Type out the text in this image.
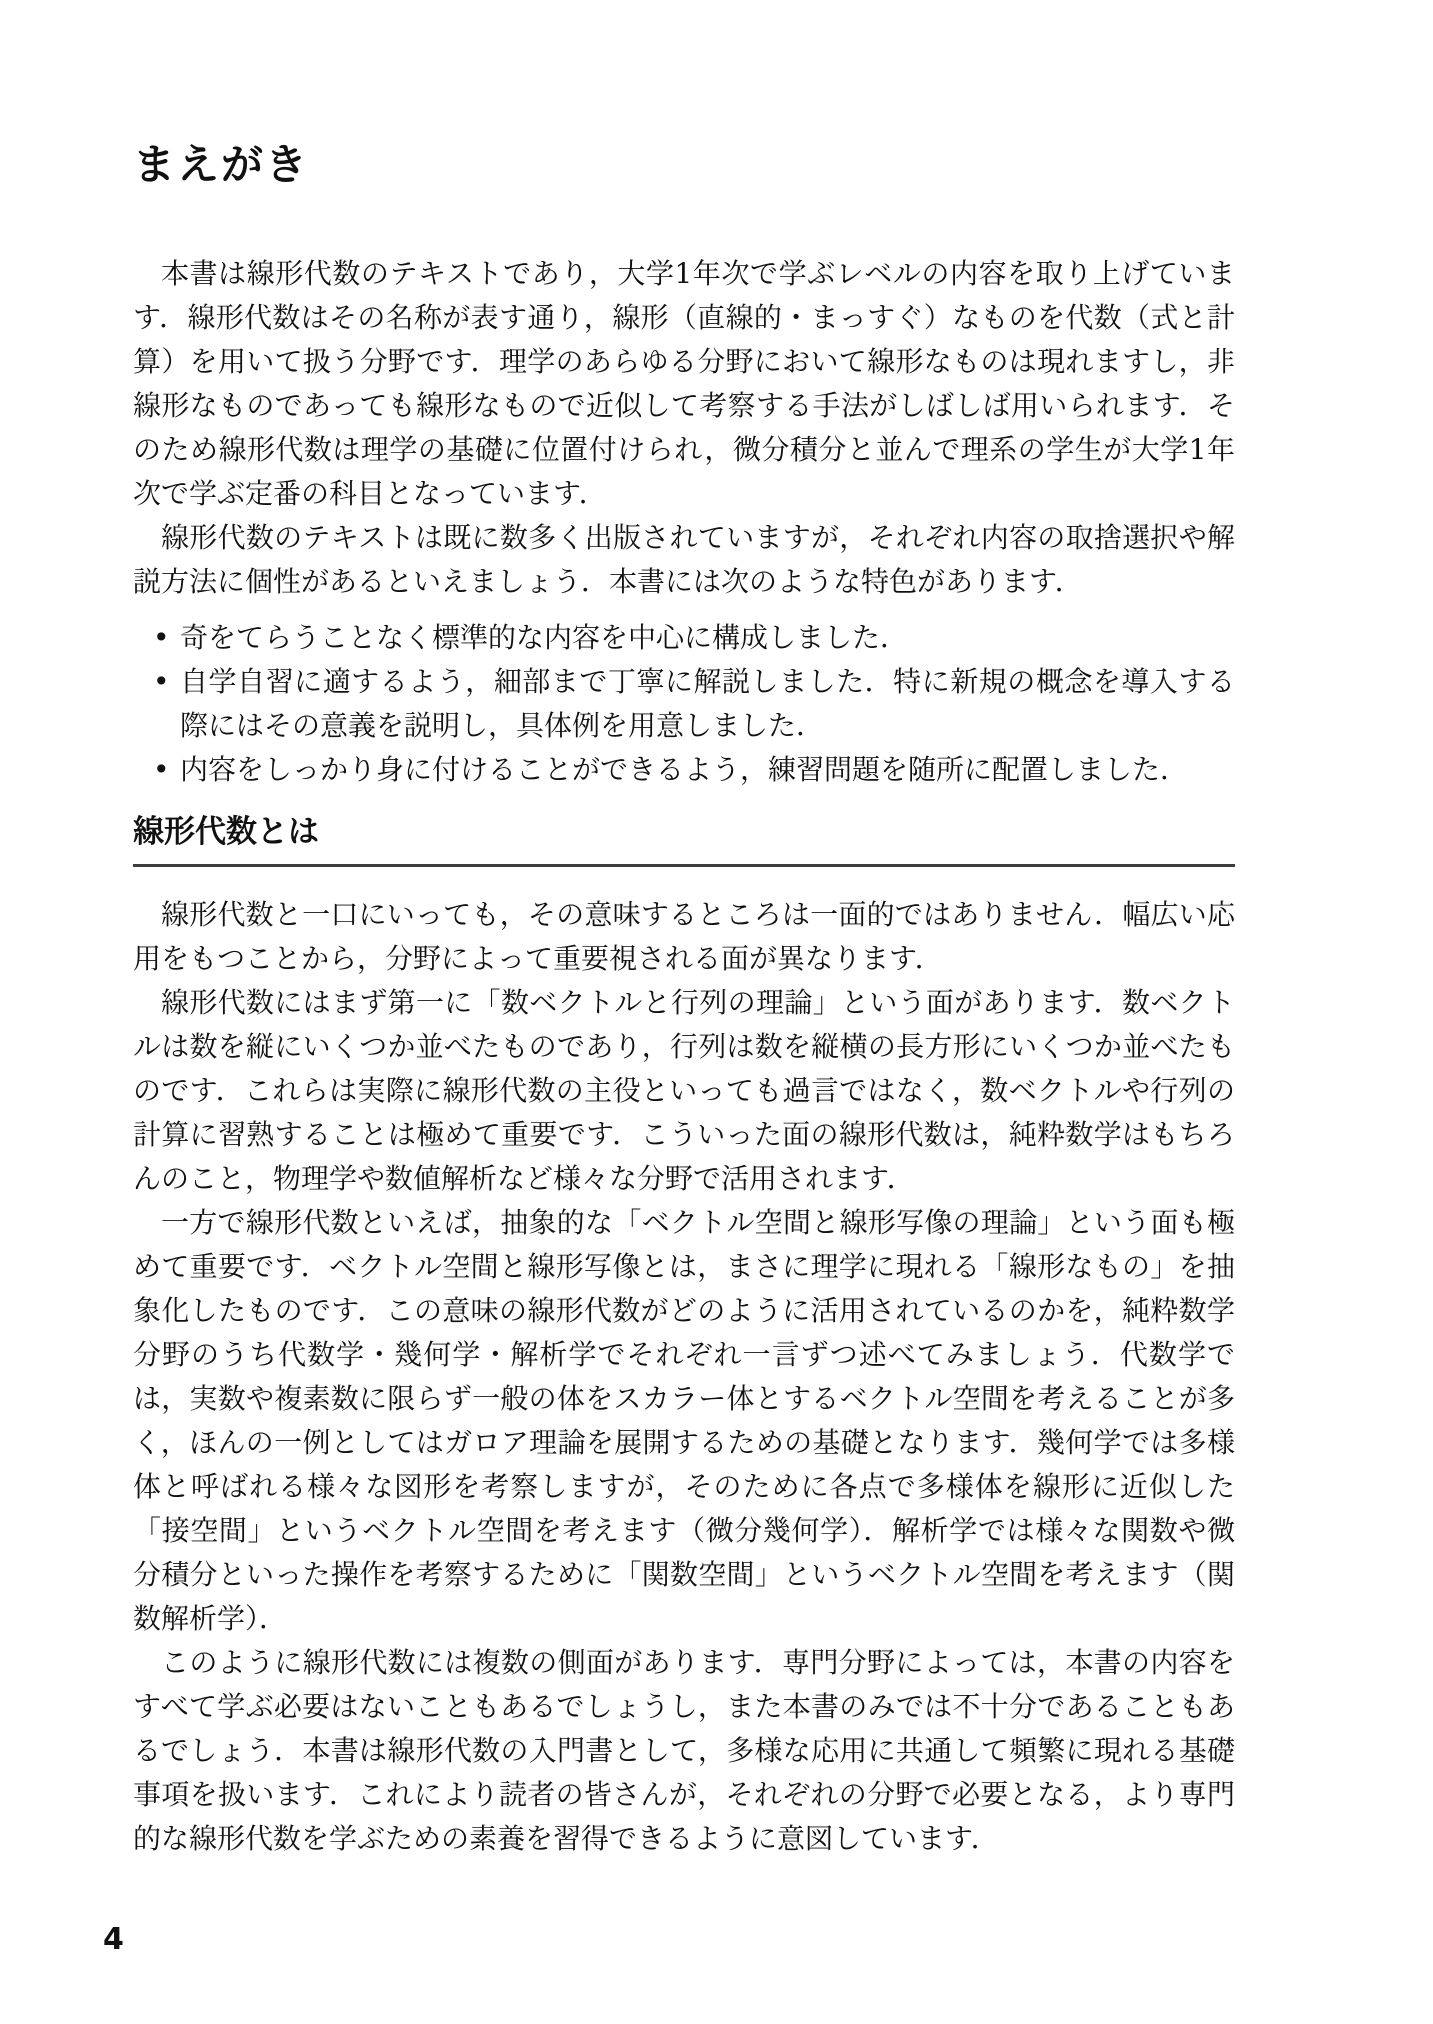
まえがき

本書は線形代数のテキストであり，大学1年次で学ぶレベルの内容を取り上げています．線形代数はその名称が表す通り，線形（直線的・まっすぐ）なものを代数（式と計算）を用いて扱う分野です．理学のあらゆる分野において線形なものは現れますし，非線形なものであっても線形なもので近似して考察する手法がしばしば用いられます．そのため線形代数は理学の基礎に位置付けられ，微分積分と並んで理系の学生が大学1年次で学ぶ定番の科目となっています．

線形代数のテキストは既に数多く出版されていますが，それぞれ内容の取捨選択や解説方法に個性があるといえましょう．本書には次のような特色があります．

• 奇をてらうことなく標準的な内容を中心に構成しました．
• 自学自習に適するよう，細部まで丁寧に解説しました．特に新規の概念を導入する際にはその意義を説明し，具体例を用意しました．
• 内容をしっかり身に付けることができるよう，練習問題を随所に配置しました．
線形代数とは

線形代数と一口にいっても，その意味するところは一面的ではありません．幅広い応用をもつことから，分野によって重要視される面が異なります．

線形代数にはまず第一に「数ベクトルと行列の理論」という面があります．数ベクトルは数を縦にいくつか並べたものであり，行列は数を縦横の長方形にいくつか並べたものです．これらは実際に線形代数の主役といっても過言ではなく，数ベクトルや行列の計算に習熟することは極めて重要です．こういった面の線形代数は，純粋数学はもちろんのこと，物理学や数値解析など様々な分野で活用されます．

一方で線形代数といえば，抽象的な「ベクトル空間と線形写像の理論」という面も極めて重要です．ベクトル空間と線形写像とは，まさに理学に現れる「線形なもの」を抽象化したものです．この意味の線形代数がどのように活用されているのかを，純粋数学分野のうち代数学・幾何学・解析学でそれぞれ一言ずつ述べてみましょう．代数学では，実数や複素数に限らず一般の体をスカラー体とするベクトル空間を考えることが多く，ほんの一例としてはガロア理論を展開するための基礎となります．幾何学では多様体と呼ばれる様々な図形を考察しますが，そのために各点で多様体を線形に近似した「接空間」というベクトル空間を考えます（微分幾何学）．解析学では様々な関数や微分積分といった操作を考察するために「関数空間」というベクトル空間を考えます（関数解析学）．

このように線形代数には複数の側面があります．専門分野によっては，本書の内容をすべて学ぶ必要はないこともあるでしょうし，また本書のみでは不十分であることもあるでしょう．本書は線形代数の入門書として，多様な応用に共通して頻繁に現れる基礎事項を扱います．これにより読者の皆さんが，それぞれの分野で必要となる，より専門的な線形代数を学ぶための素養を習得できるように意図しています．

4
